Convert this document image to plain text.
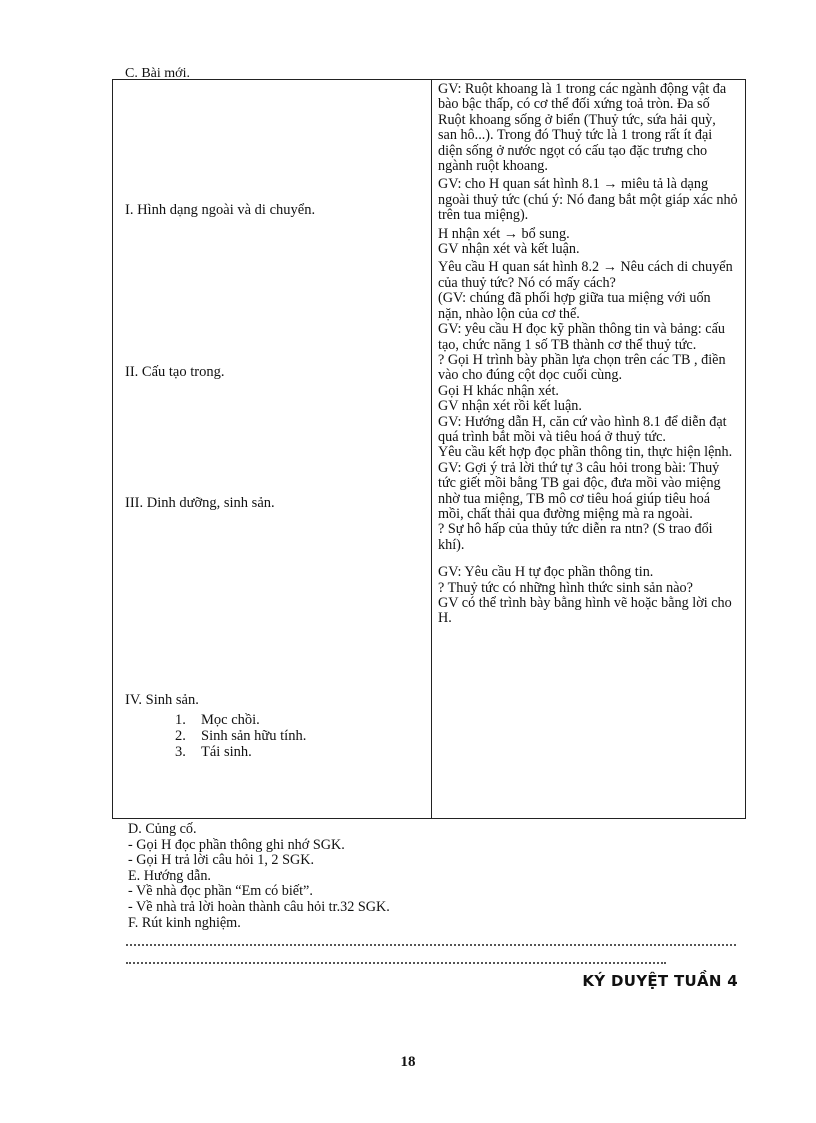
C. Bài mới.
I. Hình dạng ngoài và di chuyển.
II. Cấu tạo trong.
III. Dinh dưỡng, sinh sản.
IV. Sinh sản.
1. Mọc chồi.
2. Sinh sản hữu tính.
3. Tái sinh.

GV: Ruột khoang là 1 trong các ngành động vật đa bào bậc thấp, có cơ thể đối xứng toả tròn. Đa số Ruột khoang sống ở biển (Thuỷ tức, sứa hải quỳ, san hô...). Trong đó Thuỷ tức là 1 trong rất ít đại diện sống ở nước ngọt có cấu tạo đặc trưng cho ngành ruột khoang.

GV: cho H quan sát hình 8.1 → miêu tả là dạng ngoài thuỷ tức (chú ý: Nó đang bắt một giáp xác nhỏ trên tua miệng).

H nhận xét → bổ sung.

GV nhận xét và kết luận.

Yêu cầu H quan sát hình 8.2 → Nêu cách di chuyển của thuỷ tức? Nó có mấy cách?

(GV: chúng đã phối hợp giữa tua miệng với uốn nặn, nhào lộn của cơ thể.

GV: yêu cầu H đọc kỹ phần thông tin và bảng: cấu tạo, chức năng 1 số TB thành cơ thể thuỷ tức.

? Gọi H trình bày phần lựa chọn trên các TB , điền vào cho đúng cột dọc cuối cùng.

Gọi H khác nhận xét.

GV nhận xét rồi kết luận.

GV: Hướng dẫn H, căn cứ vào hình 8.1 để diễn đạt quá trình bắt mồi và tiêu hoá ở thuỷ tức.

Yêu cầu kết hợp đọc phần thông tin, thực hiện lệnh.

GV: Gợi ý trả lời thứ tự 3 câu hỏi trong bài: Thuỷ tức giết mồi bằng TB gai độc, đưa mồi vào miệng nhờ tua miệng, TB mô cơ tiêu hoá giúp tiêu hoá mồi, chất thải qua đường miệng mà ra ngoài.

? Sự hô hấp của thủy tức diễn ra ntn? (S trao đổi khí).

GV: Yêu cầu H tự đọc phần thông tin.

? Thuỷ tức có những hình thức sinh sản nào?

GV có thể trình bày bằng hình vẽ hoặc bằng lời cho H.

D. Củng cố.
- Gọi H đọc phần thông ghi nhớ SGK.
- Gọi H trả lời câu hỏi 1, 2 SGK.
E. Hướng dẫn.
- Về nhà đọc phần “Em có biết”.
- Về nhà trả lời hoàn thành câu hỏi tr.32 SGK.
F. Rút kinh nghiệm.
KÝ DUYỆT TUẦN 4
18
